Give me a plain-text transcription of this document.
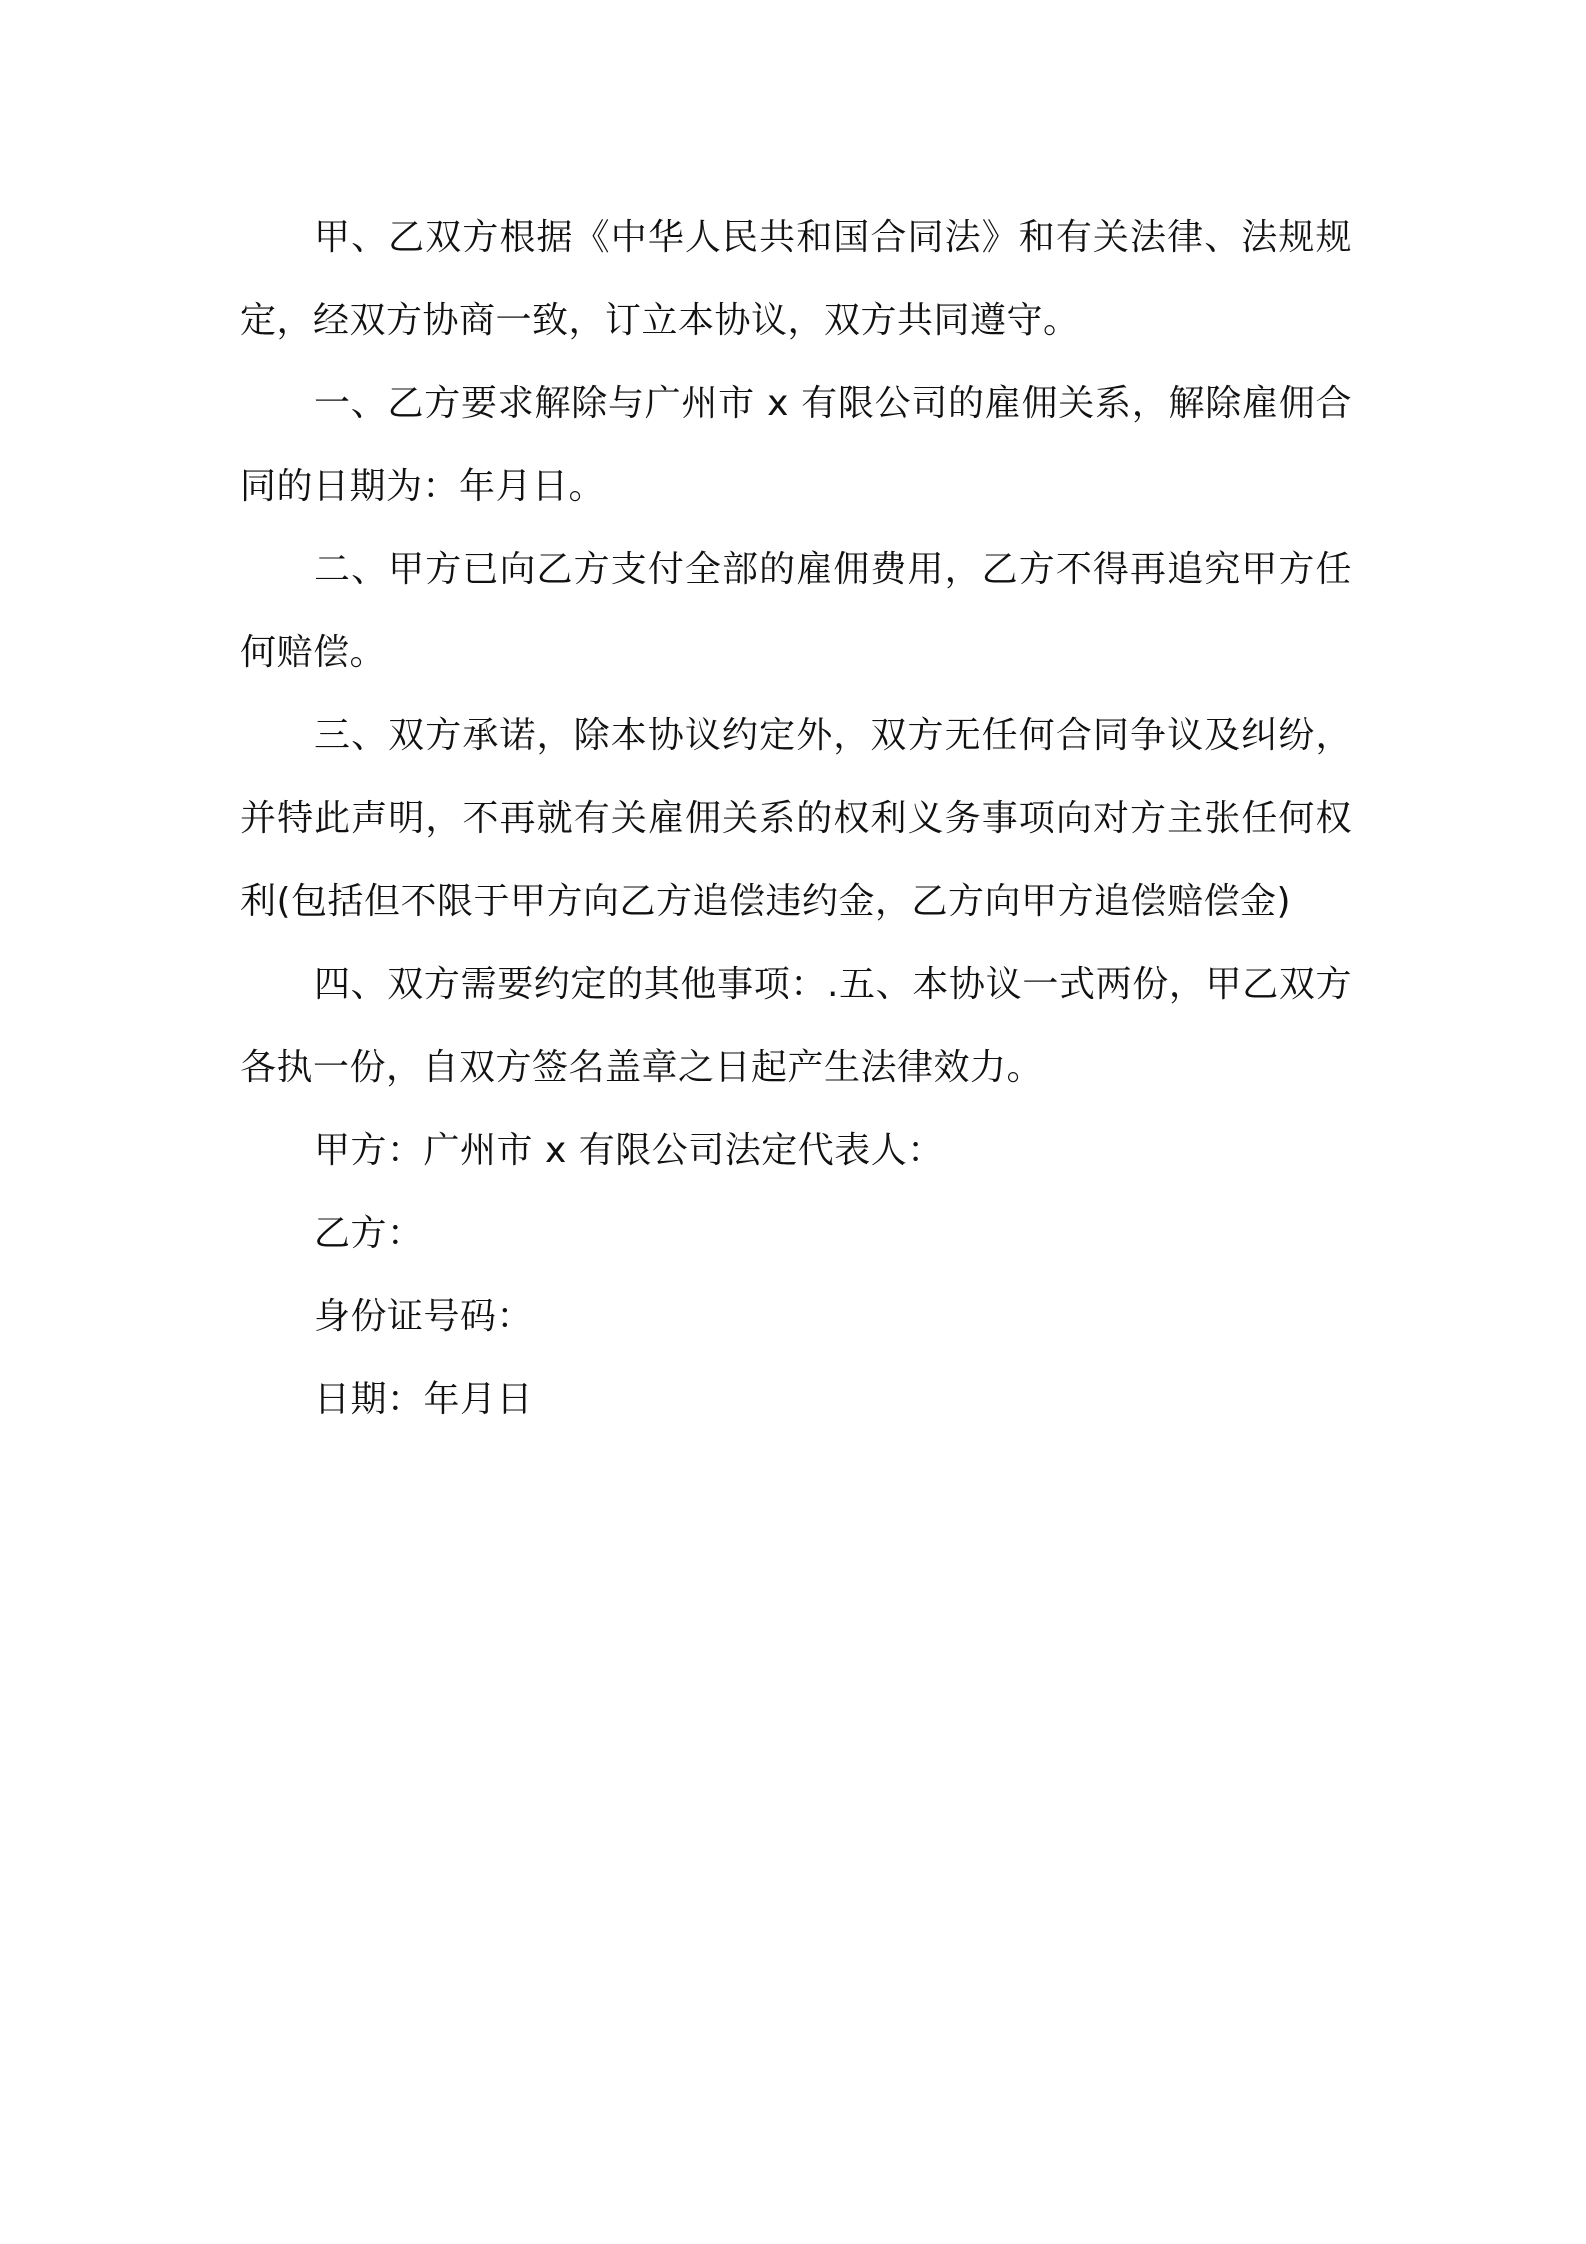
甲、乙双方根据《中华人民共和国合同法》和有关法律、法规规定，经双方协商一致，订立本协议，双方共同遵守。

一、乙方要求解除与广州市 x 有限公司的雇佣关系，解除雇佣合同的日期为：年月日。

二、甲方已向乙方支付全部的雇佣费用，乙方不得再追究甲方任何赔偿。

三、双方承诺，除本协议约定外，双方无任何合同争议及纠纷，并特此声明，不再就有关雇佣关系的权利义务事项向对方主张任何权利(包括但不限于甲方向乙方追偿违约金，乙方向甲方追偿赔偿金)

四、双方需要约定的其他事项：.五、本协议一式两份，甲乙双方各执一份，自双方签名盖章之日起产生法律效力。

甲方：广州市 x 有限公司法定代表人：

乙方：

身份证号码：

日期：年月日
